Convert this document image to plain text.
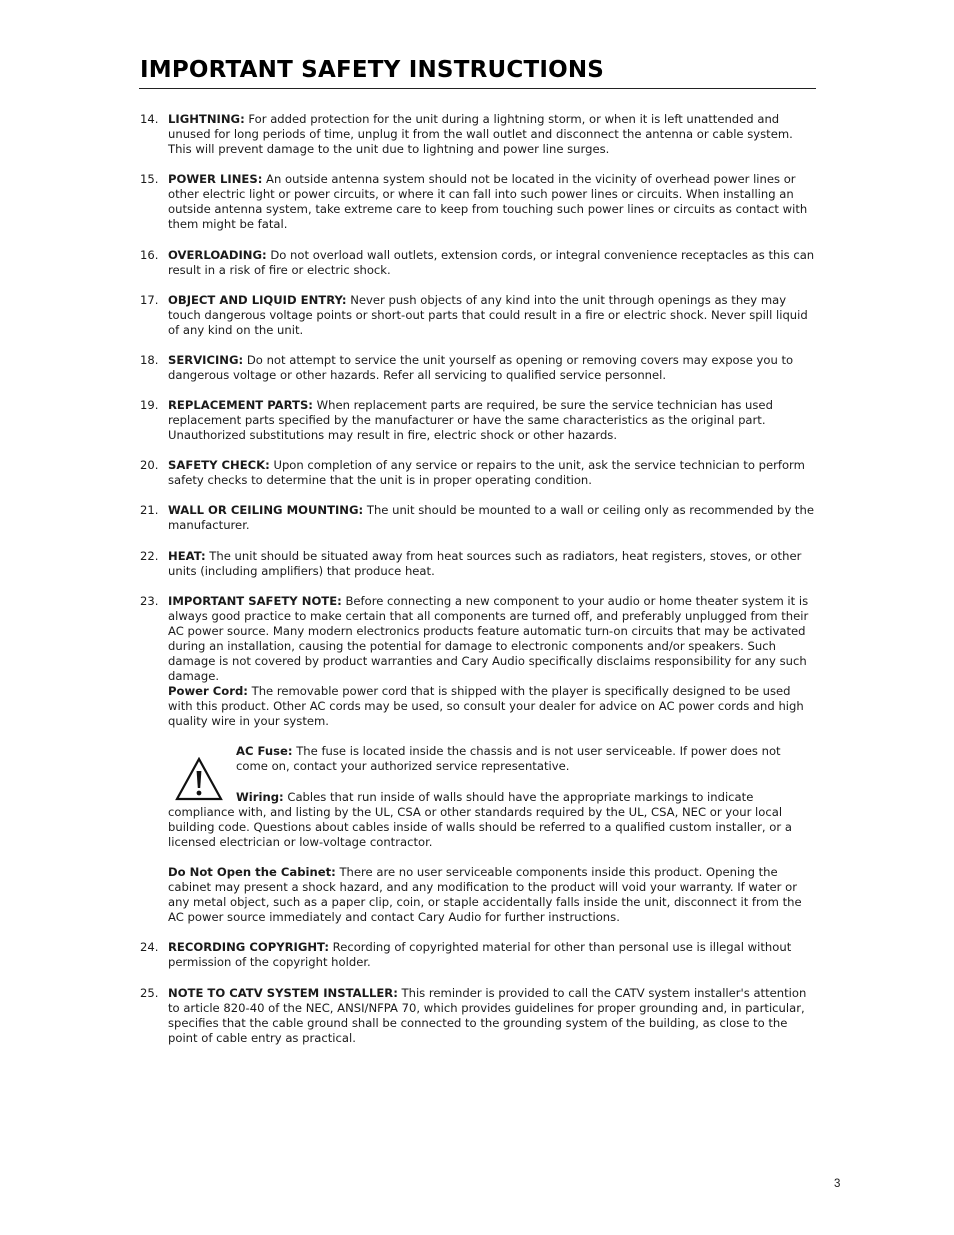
IMPORTANT SAFETY INSTRUCTIONS
14. LIGHTNING: For added protection for the unit during a lightning storm, or when it is left unattended and unused for long periods of time, unplug it from the wall outlet and disconnect the antenna or cable system. This will prevent damage to the unit due to lightning and power line surges.
15. POWER LINES: An outside antenna system should not be located in the vicinity of overhead power lines or other electric light or power circuits, or where it can fall into such power lines or circuits. When installing an outside antenna system, take extreme care to keep from touching such power lines or circuits as contact with them might be fatal.
16. OVERLOADING: Do not overload wall outlets, extension cords, or integral convenience receptacles as this can result in a risk of fire or electric shock.
17. OBJECT AND LIQUID ENTRY: Never push objects of any kind into the unit through openings as they may touch dangerous voltage points or short-out parts that could result in a fire or electric shock. Never spill liquid of any kind on the unit.
18. SERVICING: Do not attempt to service the unit yourself as opening or removing covers may expose you to dangerous voltage or other hazards. Refer all servicing to qualified service personnel.
19. REPLACEMENT PARTS: When replacement parts are required, be sure the service technician has used replacement parts specified by the manufacturer or have the same characteristics as the original part. Unauthorized substitutions may result in fire, electric shock or other hazards.
20. SAFETY CHECK: Upon completion of any service or repairs to the unit, ask the service technician to perform safety checks to determine that the unit is in proper operating condition.
21. WALL OR CEILING MOUNTING: The unit should be mounted to a wall or ceiling only as recommended by the manufacturer.
22. HEAT: The unit should be situated away from heat sources such as radiators, heat registers, stoves, or other units (including amplifiers) that produce heat.
23. IMPORTANT SAFETY NOTE: Before connecting a new component to your audio or home theater system it is always good practice to make certain that all components are turned off, and preferably unplugged from their AC power source. Many modern electronics products feature automatic turn-on circuits that may be activated during an installation, causing the potential for damage to electronic components and/or speakers. Such damage is not covered by product warranties and Cary Audio specifically disclaims responsibility for any such damage.
Power Cord: The removable power cord that is shipped with the player is specifically designed to be used with this product. Other AC cords may be used, so consult your dealer for advice on AC power cords and high quality wire in your system.
AC Fuse: The fuse is located inside the chassis and is not user serviceable. If power does not come on, contact your authorized service representative.
Wiring: Cables that run inside of walls should have the appropriate markings to indicate compliance with, and listing by the UL, CSA or other standards required by the UL, CSA, NEC or your local building code. Questions about cables inside of walls should be referred to a qualified custom installer, or a licensed electrician or low-voltage contractor.
Do Not Open the Cabinet: There are no user serviceable components inside this product. Opening the cabinet may present a shock hazard, and any modification to the product will void your warranty. If water or any metal object, such as a paper clip, coin, or staple accidentally falls inside the unit, disconnect it from the AC power source immediately and contact Cary Audio for further instructions.
24. RECORDING COPYRIGHT: Recording of copyrighted material for other than personal use is illegal without permission of the copyright holder.
25. NOTE TO CATV SYSTEM INSTALLER: This reminder is provided to call the CATV system installer's attention to article 820-40 of the NEC, ANSI/NFPA 70, which provides guidelines for proper grounding and, in particular, specifies that the cable ground shall be connected to the grounding system of the building, as close to the point of cable entry as practical.
3
